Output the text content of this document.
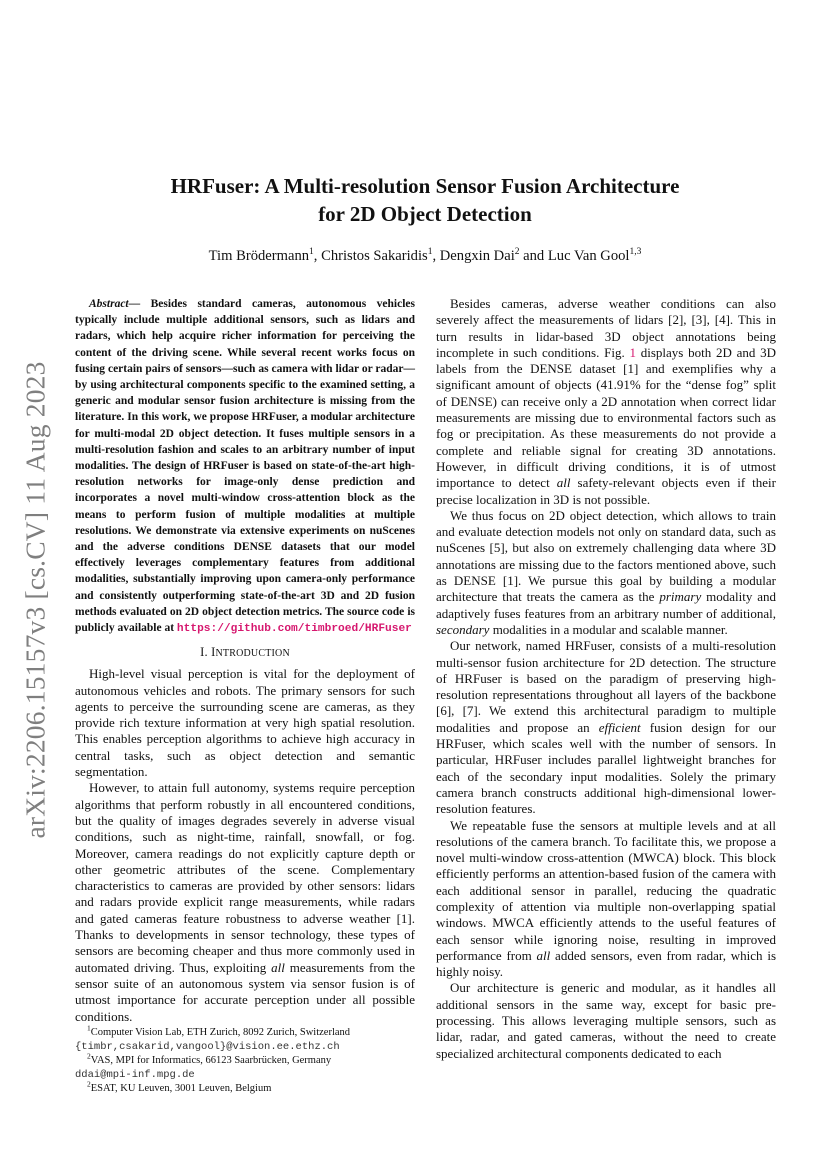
arXiv:2206.15157v3 [cs.CV] 11 Aug 2023
HRFuser: A Multi-resolution Sensor Fusion Architecture
for 2D Object Detection
Tim Brödermann$^1$, Christos Sakaridis$^1$, Dengxin Dai$^2$ and Luc Van Gool$^{1,3}$

Abstract— Besides standard cameras, autonomous vehicles typically include multiple additional sensors, such as lidars and radars, which help acquire richer information for perceiving the content of the driving scene. While several recent works focus on fusing certain pairs of sensors—such as camera with lidar or radar—by using architectural components specific to the examined setting, a generic and modular sensor fusion architecture is missing from the literature. In this work, we propose HRFuser, a modular architecture for multi-modal 2D object detection. It fuses multiple sensors in a multi-resolution fashion and scales to an arbitrary number of input modalities. The design of HRFuser is based on state-of-the-art high-resolution networks for image-only dense prediction and incorporates a novel multi-window cross-attention block as the means to perform fusion of multiple modalities at multiple resolutions. We demonstrate via extensive experiments on nuScenes and the adverse conditions DENSE datasets that our model effectively leverages complementary features from additional modalities, substantially improving upon camera-only performance and consistently outperforming state-of-the-art 3D and 2D fusion methods evaluated on 2D object detection metrics. The source code is publicly available at https://github.com/timbroed/HRFuser

I. INTRODUCTION

High-level visual perception is vital for the deployment of autonomous vehicles and robots. The primary sensors for such agents to perceive the surrounding scene are cameras, as they provide rich texture information at very high spatial resolution. This enables perception algorithms to achieve high accuracy in central tasks, such as object detection and semantic segmentation.

However, to attain full autonomy, systems require perception algorithms that perform robustly in all encountered conditions, but the quality of images degrades severely in adverse visual conditions, such as night-time, rainfall, snowfall, or fog. Moreover, camera readings do not explicitly capture depth or other geometric attributes of the scene. Complementary characteristics to cameras are provided by other sensors: lidars and radars provide explicit range measurements, while radars and gated cameras feature robustness to adverse weather [1]. Thanks to developments in sensor technology, these types of sensors are becoming cheaper and thus more commonly used in automated driving. Thus, exploiting all measurements from the sensor suite of an autonomous system via sensor fusion is of utmost importance for accurate perception under all possible conditions.

Besides cameras, adverse weather conditions can also severely affect the measurements of lidars [2], [3], [4]. This in turn results in lidar-based 3D object annotations being incomplete in such conditions. Fig. 1 displays both 2D and 3D labels from the DENSE dataset [1] and exemplifies why a significant amount of objects (41.91% for the “dense fog” split of DENSE) can receive only a 2D annotation when correct lidar measurements are missing due to environmental factors such as fog or precipitation. As these measurements do not provide a complete and reliable signal for creating 3D annotations. However, in difficult driving conditions, it is of utmost importance to detect all safety-relevant objects even if their precise localization in 3D is not possible.

We thus focus on 2D object detection, which allows to train and evaluate detection models not only on standard data, such as nuScenes [5], but also on extremely challenging data where 3D annotations are missing due to the factors mentioned above, such as DENSE [1]. We pursue this goal by building a modular architecture that treats the camera as the primary modality and adaptively fuses features from an arbitrary number of additional, secondary modalities in a modular and scalable manner.

Our network, named HRFuser, consists of a multi-resolution multi-sensor fusion architecture for 2D detection. The structure of HRFuser is based on the paradigm of preserving high-resolution representations throughout all layers of the backbone [6], [7]. We extend this architectural paradigm to multiple modalities and propose an efficient fusion design for our HRFuser, which scales well with the number of sensors. In particular, HRFuser includes parallel lightweight branches for each of the secondary input modalities. Solely the primary camera branch constructs additional high-dimensional lower-resolution features.

We repeatable fuse the sensors at multiple levels and at all resolutions of the camera branch. To facilitate this, we propose a novel multi-window cross-attention (MWCA) block. This block efficiently performs an attention-based fusion of the camera with each additional sensor in parallel, reducing the quadratic complexity of attention via multiple non-overlapping spatial windows. MWCA efficiently attends to the useful features of each sensor while ignoring noise, resulting in improved performance from all added sensors, even from radar, which is highly noisy.

Our architecture is generic and modular, as it handles all additional sensors in the same way, except for basic pre-processing. This allows leveraging multiple sensors, such as lidar, radar, and gated cameras, without the need to create specialized architectural components dedicated to each

$^1$Computer Vision Lab, ETH Zurich, 8092 Zurich, Switzerland
{timbr,csakarid,vangool}@vision.ee.ethz.ch
$^2$VAS, MPI for Informatics, 66123 Saarbrücken, Germany
ddai@mpi-inf.mpg.de
$^2$ESAT, KU Leuven, 3001 Leuven, Belgium
